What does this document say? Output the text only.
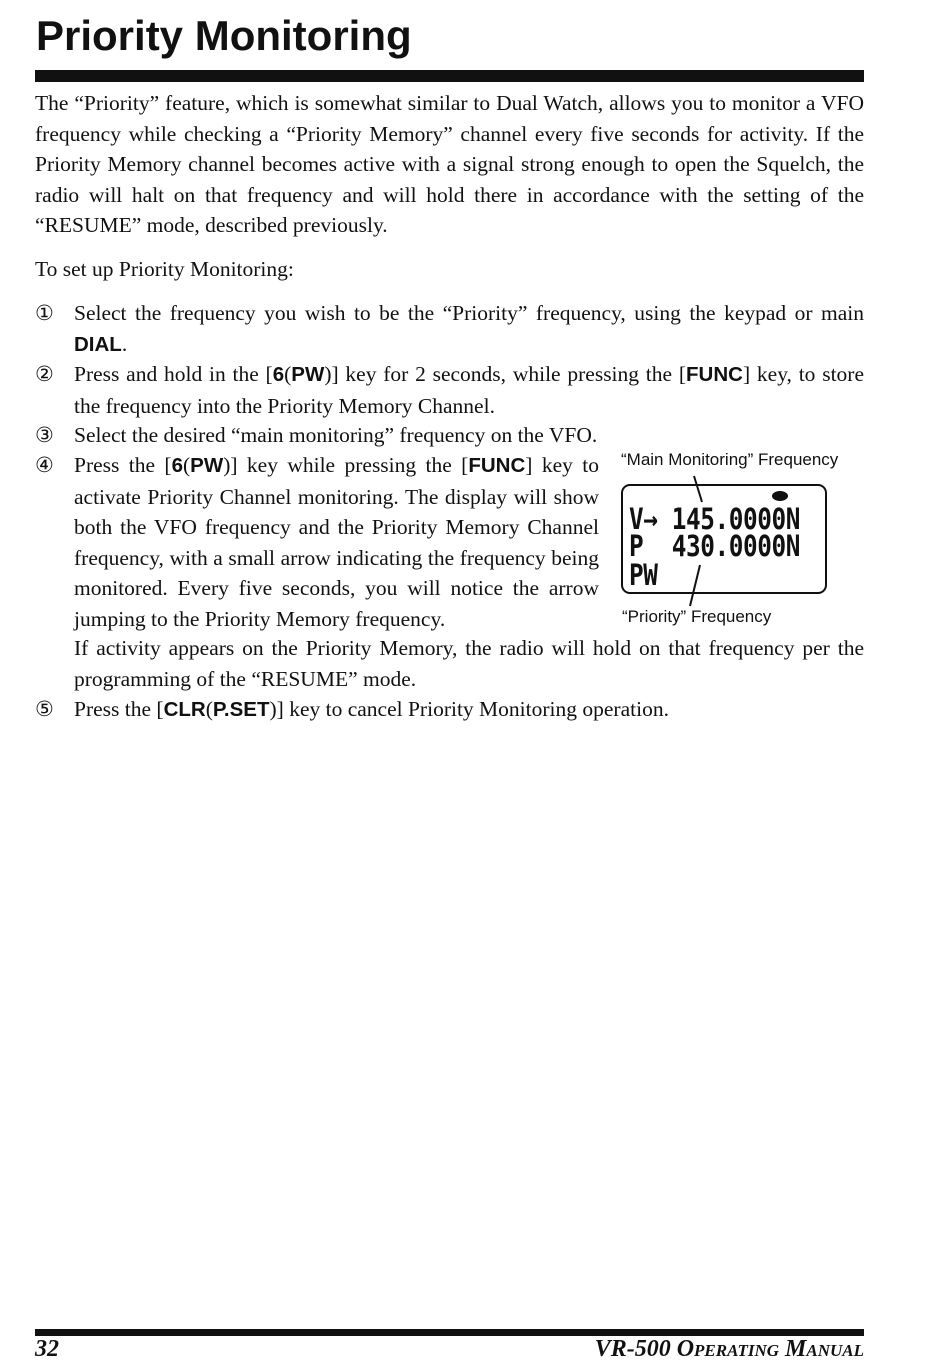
Priority Monitoring

The “Priority” feature, which is somewhat similar to Dual Watch, allows you to monitor a VFO frequency while checking a “Priority Memory” channel every five seconds for activity. If the Priority Memory channel becomes active with a signal strong enough to open the Squelch, the radio will halt on that frequency and will hold there in accordance with the setting of the “RESUME” mode, described previously.

To set up Priority Monitoring:

① Select the frequency you wish to be the “Priority” frequency, using the keypad or main DIAL.
② Press and hold in the [6(PW)] key for 2 seconds, while pressing the [FUNC] key, to store the frequency into the Priority Memory Channel.
③ Select the desired “main monitoring” frequency on the VFO.
④ Press the [6(PW)] key while pressing the [FUNC] key to activate Priority Channel monitoring. The display will show both the VFO frequency and the Priority Memory Channel frequency, with a small arrow indicating the frequency being monitored. Every five seconds, you will notice the arrow jumping to the Priority Memory frequency.
If activity appears on the Priority Memory, the radio will hold on that frequency per the programming of the “RESUME” mode.
⑤ Press the [CLR(P.SET)] key to cancel Priority Monitoring operation.
“Main Monitoring” Frequency
V→ 145.0000N
P  430.0000N
PW
“Priority” Frequency
32	VR-500 Operating Manual
